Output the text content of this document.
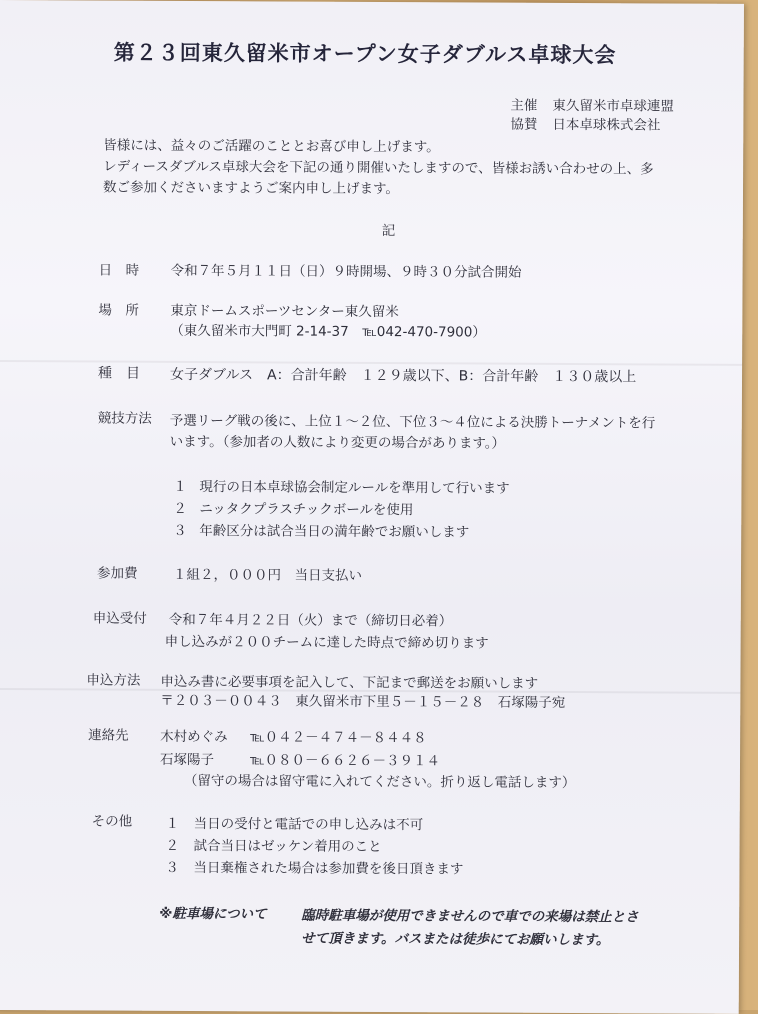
第２３回東久留米市オープン女子ダブルス卓球大会
主催 東久留米市卓球連盟
協賛 日本卓球株式会社
皆様には、益々のご活躍のこととお喜び申し上げます。
レディースダブルス卓球大会を下記の通り開催いたしますので、皆様お誘い合わせの上、多
数ご参加くださいますようご案内申し上げます。
記
日　時 令和７年５月１１日（日）９時開場、９時３０分試合開始
場　所 東京ドームスポーツセンター東久留米
（東久留米市大門町 2-14-37　℡042-470-7900）
種　目 女子ダブルス　A：合計年齢　１２９歳以下、B：合計年齢　１３０歳以上
競技方法 予選リーグ戦の後に、上位１～２位、下位３～４位による決勝トーナメントを行
います。（参加者の人数により変更の場合があります。）
１ 現行の日本卓球協会制定ルールを準用して行います
２ ニッタクプラスチックボールを使用
３ 年齢区分は試合当日の満年齢でお願いします
参加費	１組２，０００円　当日支払い
申込受付 令和７年４月２２日（火）まで（締切日必着）
申し込みが２００チームに達した時点で締め切ります
申込方法 申込み書に必要事項を記入して、下記まで郵送をお願いします
〒２０３－００４３　東久留米市下里５－１５－２８　石塚陽子宛
連絡先 木村めぐみ ℡０４２－４７４－８４４８
石塚陽子	℡０８０－６６２６－３９１４
（留守の場合は留守電に入れてください。折り返し電話します）
その他 １ 当日の受付と電話での申し込みは不可
２ 試合当日はゼッケン着用のこと
３ 当日棄権された場合は参加費を後日頂きます
※駐車場について	臨時駐車場が使用できませんので車での来場は禁止とさ
せて頂きます。バスまたは徒歩にてお願いします。
